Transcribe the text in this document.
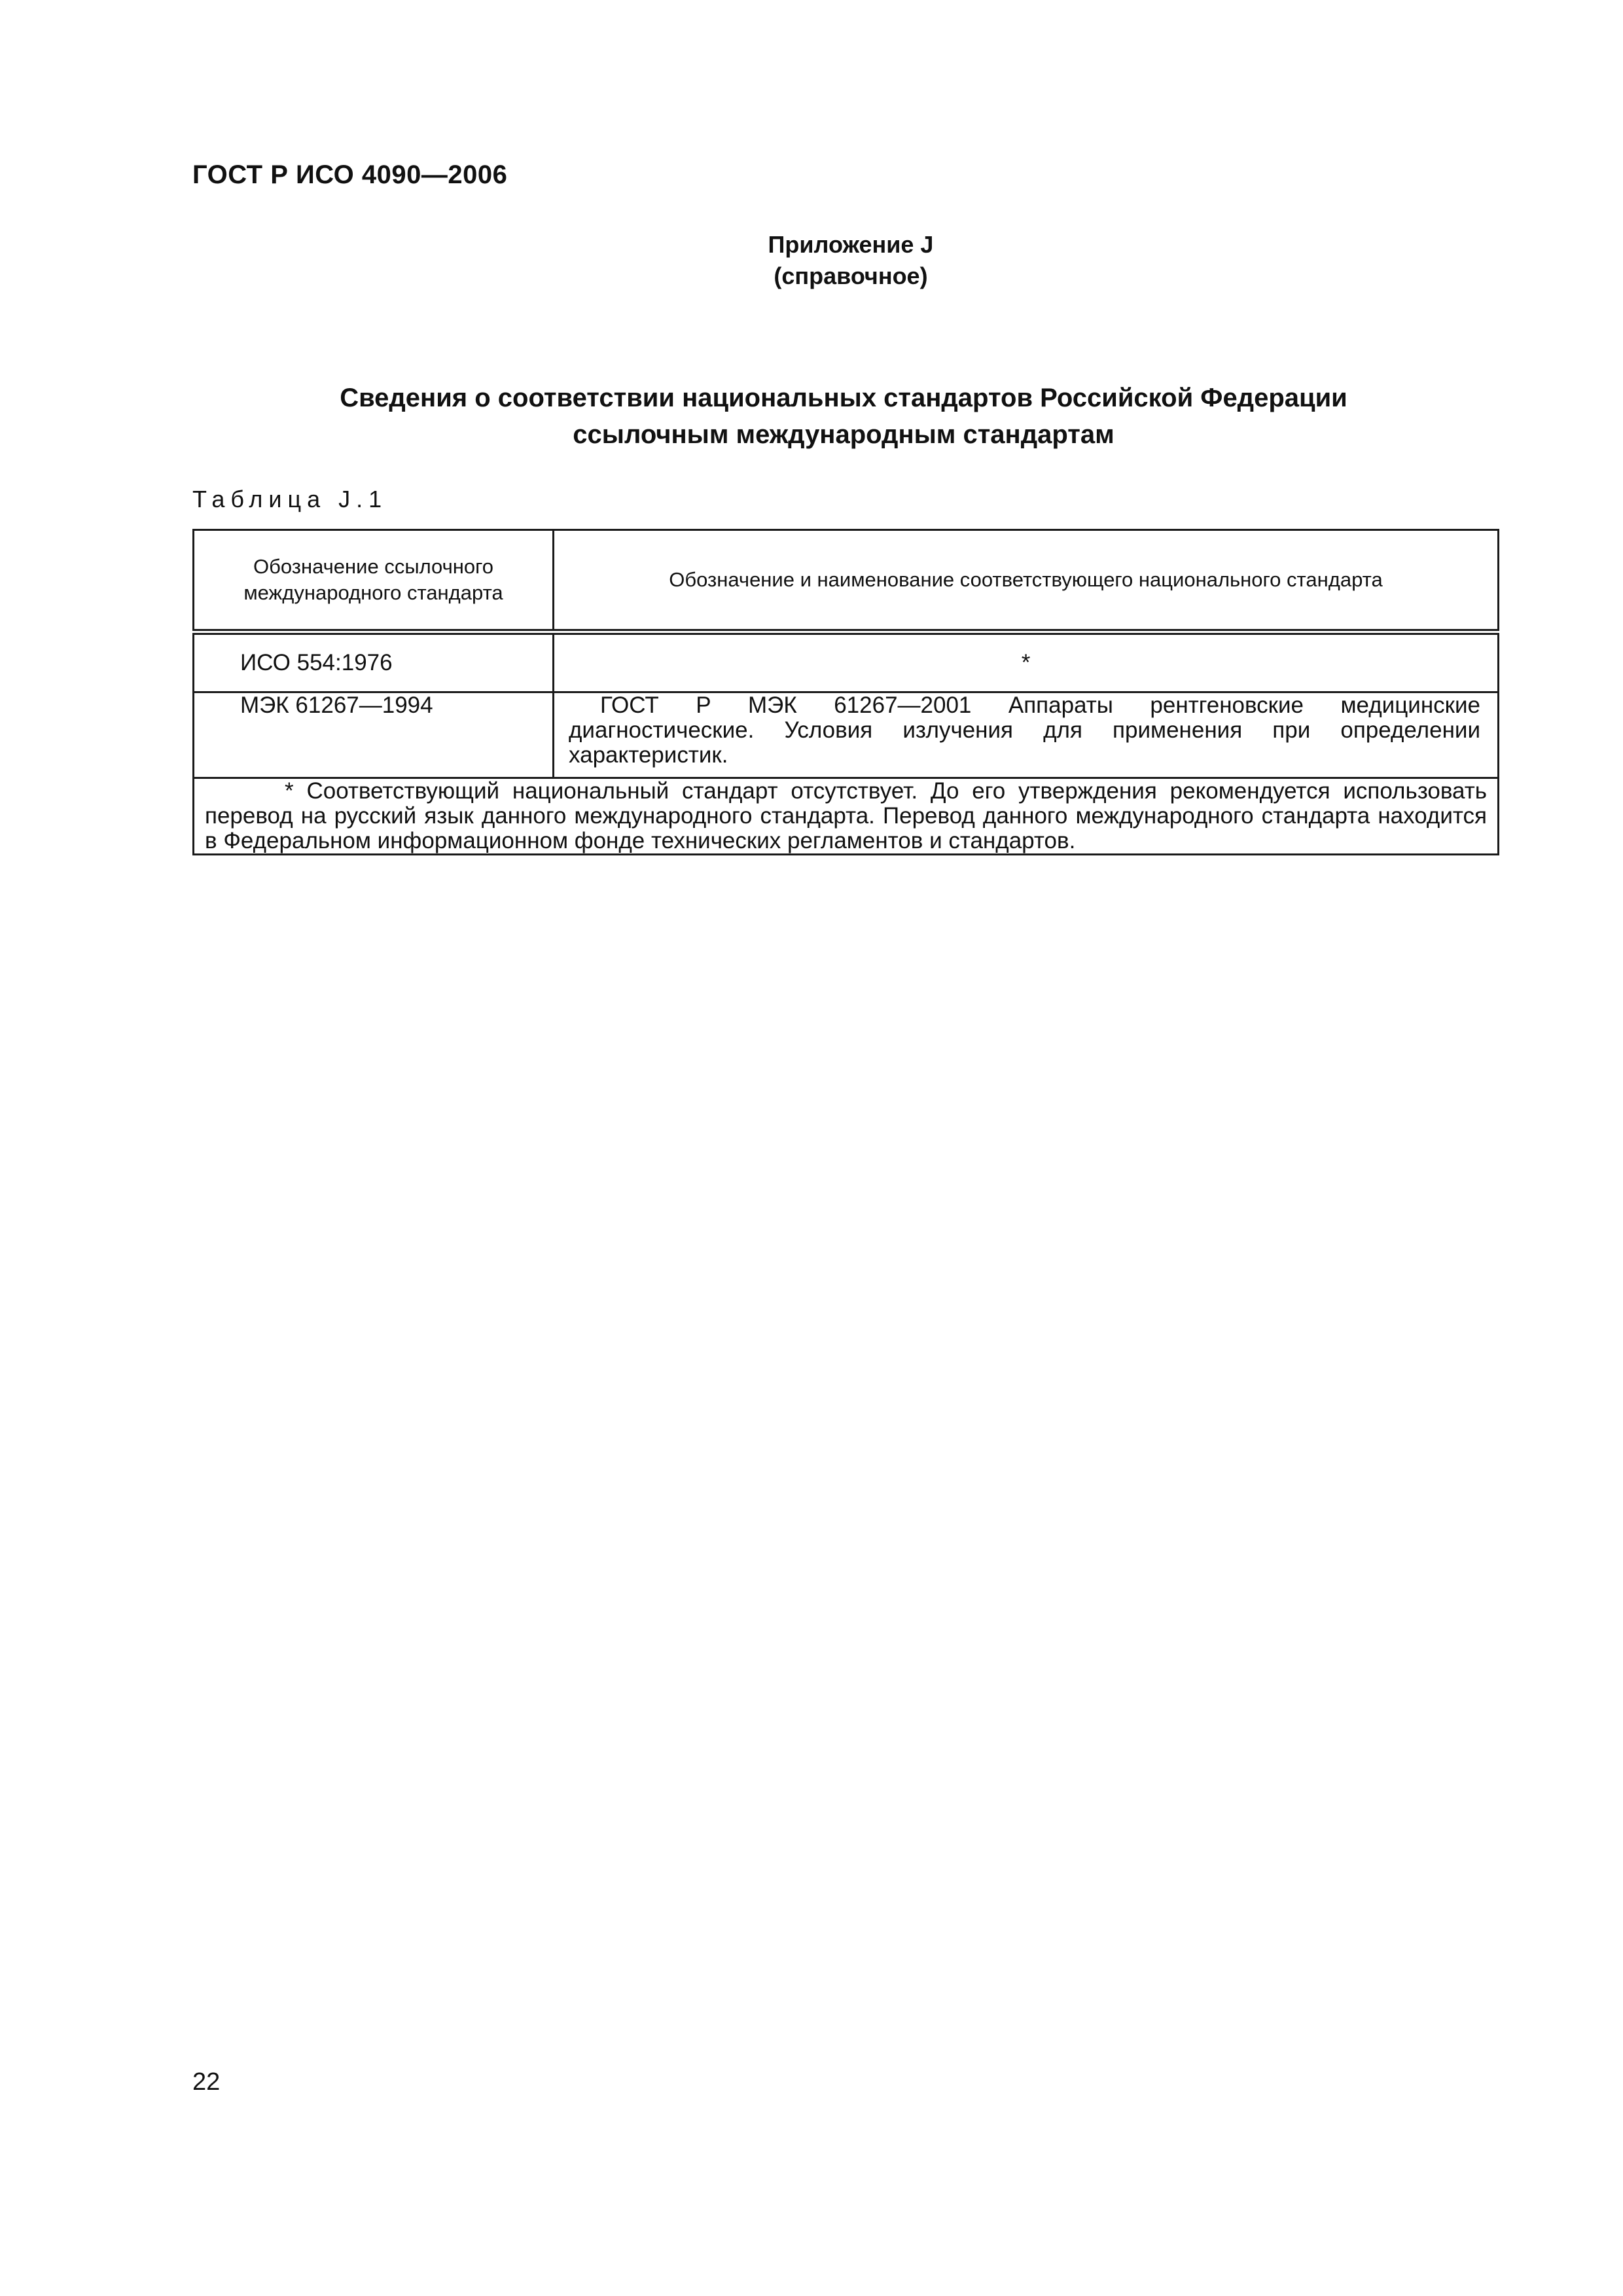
ГОСТ Р ИСО 4090—2006
Приложение J
(справочное)
Сведения о соответствии национальных стандартов Российской Федерации
ссылочным международным стандартам
Таблица J.1
Обозначение ссылочного
международного стандарта	Обозначение и наименование соответствующего национального стандарта
ИСО 554:1976	*
МЭК 61267—1994	ГОСТ Р МЭК 61267—2001 Аппараты рентгеновские медицинские диагностические. Условия излучения для применения при определении характеристик.
* Соответствующий национальный стандарт отсутствует. До его утверждения рекомендуется использовать перевод на русский язык данного международного стандарта. Перевод данного международного стандарта находится в Федеральном информационном фонде технических регламентов и стандартов.	
22
